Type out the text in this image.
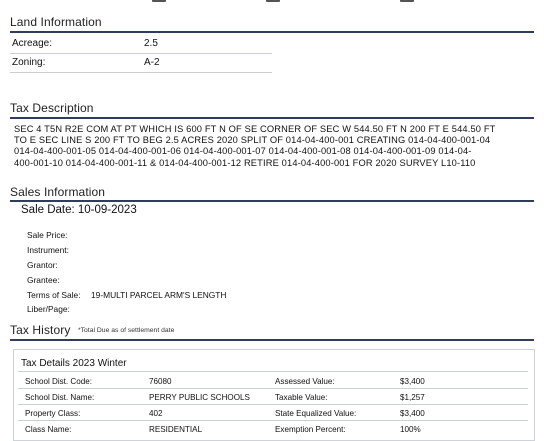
Land Information
Acreage:	2.5
Zoning:	A-2
Tax Description
SEC 4 T5N R2E COM AT PT WHICH IS 600 FT N OF SE CORNER OF SEC W 544.50 FT N 200 FT E 544.50 FT
TO E SEC LINE S 200 FT TO BEG 2.5 ACRES 2020 SPLIT OF 014-04-400-001 CREATING 014-04-400-001-04
014-04-400-001-05 014-04-400-001-06 014-04-400-001-07 014-04-400-001-08 014-04-400-001-09 014-04-
400-001-10 014-04-400-001-11 & 014-04-400-001-12 RETIRE 014-04-400-001 FOR 2020 SURVEY L10-110
Sales Information
Sale Date: 10-09-2023
Sale Price:
Instrument:
Grantor:
Grantee:
Terms of Sale: 19-MULTI PARCEL ARM'S LENGTH
Liber/Page:
Tax History *Total Due as of settlement date
Tax Details 2023 Winter
School Dist. Code:	76080	Assessed Value:	$3,400
School Dist. Name:	PERRY PUBLIC SCHOOLS	Taxable Value:	$1,257
Property Class:	402	State Equalized Value:	$3,400
Class Name:	RESIDENTIAL	Exemption Percent:	100%
